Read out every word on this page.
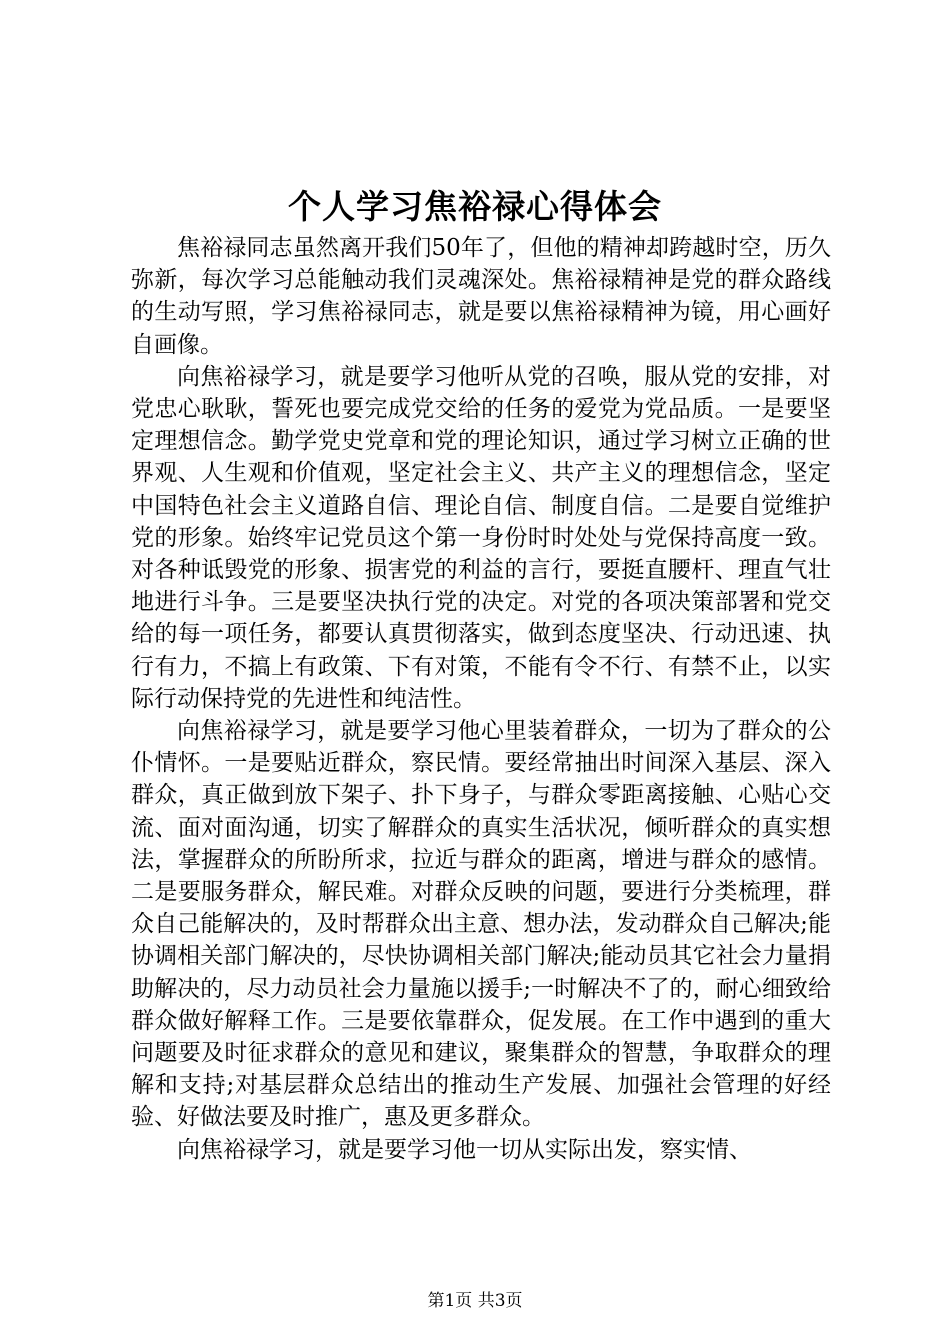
个人学习焦裕禄心得体会

焦裕禄同志虽然离开我们50年了，但他的精神却跨越时空，历久弥新，每次学习总能触动我们灵魂深处。焦裕禄精神是党的群众路线的生动写照，学习焦裕禄同志，就是要以焦裕禄精神为镜，用心画好自画像。

向焦裕禄学习，就是要学习他听从党的召唤，服从党的安排，对党忠心耿耿，誓死也要完成党交给的任务的爱党为党品质。一是要坚定理想信念。勤学党史党章和党的理论知识，通过学习树立正确的世界观、人生观和价值观，坚定社会主义、共产主义的理想信念，坚定中国特色社会主义道路自信、理论自信、制度自信。二是要自觉维护党的形象。始终牢记党员这个第一身份时时处处与党保持高度一致。对各种诋毁党的形象、损害党的利益的言行，要挺直腰杆、理直气壮地进行斗争。三是要坚决执行党的决定。对党的各项决策部署和党交给的每一项任务，都要认真贯彻落实，做到态度坚决、行动迅速、执行有力，不搞上有政策、下有对策，不能有令不行、有禁不止，以实际行动保持党的先进性和纯洁性。

向焦裕禄学习，就是要学习他心里装着群众，一切为了群众的公仆情怀。一是要贴近群众，察民情。要经常抽出时间深入基层、深入群众，真正做到放下架子、扑下身子，与群众零距离接触、心贴心交流、面对面沟通，切实了解群众的真实生活状况，倾听群众的真实想法，掌握群众的所盼所求，拉近与群众的距离，增进与群众的感情。二是要服务群众，解民难。对群众反映的问题，要进行分类梳理，群众自己能解决的，及时帮群众出主意、想办法，发动群众自己解决;能协调相关部门解决的，尽快协调相关部门解决;能动员其它社会力量捐助解决的，尽力动员社会力量施以援手;一时解决不了的，耐心细致给群众做好解释工作。三是要依靠群众，促发展。在工作中遇到的重大问题要及时征求群众的意见和建议，聚集群众的智慧，争取群众的理解和支持;对基层群众总结出的推动生产发展、加强社会管理的好经验、好做法要及时推广，惠及更多群众。

向焦裕禄学习，就是要学习他一切从实际出发，察实情、

第1页 共3页
